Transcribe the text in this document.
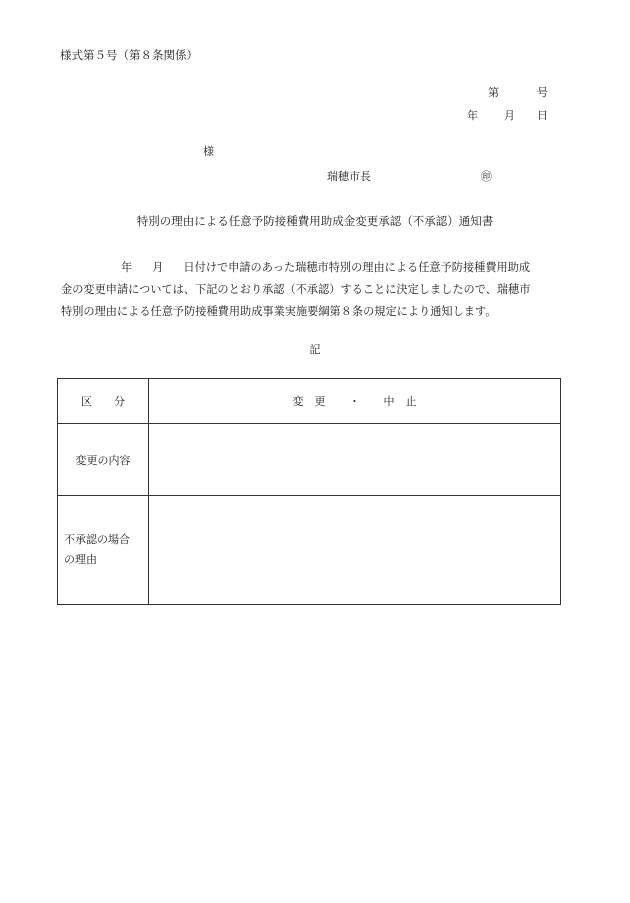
様式第５号（第８条関係）
第	号
年 月 日
様
瑞穂市長	㊞
特別の理由による任意予防接種費用助成金変更承認（不承認）通知書

年 月 日付けで申請のあった瑞穂市特別の理由による任意予防接種費用助成

金の変更申請については、下記のとおり承認（不承認）することに決定しましたので、瑞穂市

特別の理由による任意予防接種費用助成事業実施要綱第８条の規定により通知します。

記
区　　分	変　更 ・ 中　止
変更の内容	

不承認の場合
の理由	
